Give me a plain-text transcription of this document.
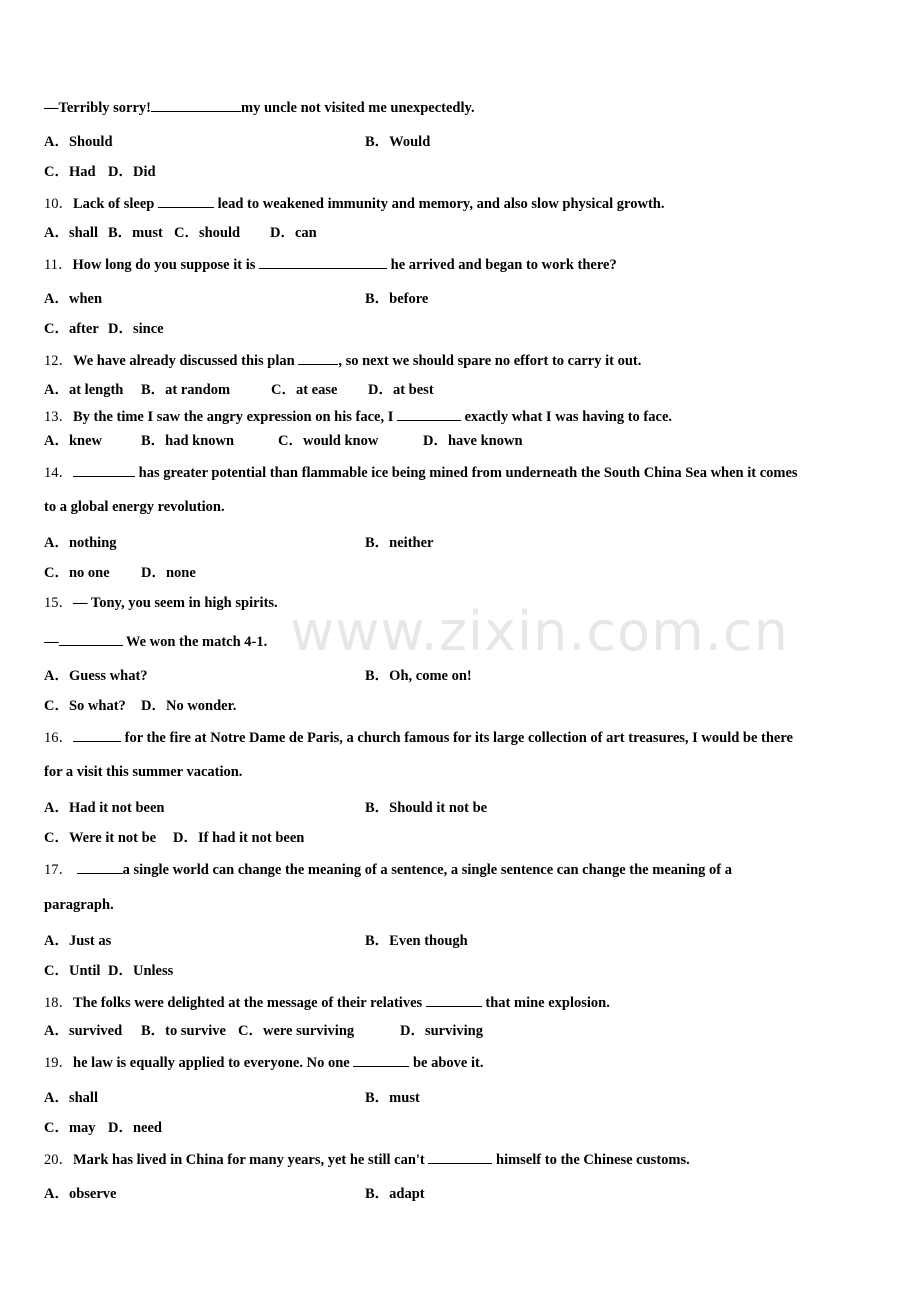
www.zixin.com.cn
—Terribly sorry!	my uncle not visited me unexpectedly.
A．Should	B．Would
C．Had D．Did
10．Lack of sleep	lead to weakened immunity and memory, and also slow physical growth.
A．shall B．must C．should D．can
11．How long do you suppose it is	he arrived and began to work there?
A．when	B．before
C．after D．since
12．We have already discussed this plan	, so next we should spare no effort to carry it out.
A．at length B．at random	C．at ease D．at best
13．By the time I saw the angry expression on his face, I	exactly what I was having to face.
A．knew	B．had known	C．would know	D．have known
14．	has greater potential than flammable ice being mined from underneath the South China Sea when it comes
to a global energy revolution.
A．nothing	B．neither
C．no one D．none
15．— Tony, you seem in high spirits.
—	We won the match 4-1.
A．Guess what?	B．Oh, come on!
C．So what? D．No wonder.
16．	for the fire at Notre Dame de Paris, a church famous for its large collection of art treasures, I would be there
for a visit this summer vacation.
A．Had it not been	B．Should it not be
C．Were it not be D．If had it not been
17．	a single world can change the meaning of a sentence, a single sentence can change the meaning of a
paragraph.
A．Just as	B．Even though
C．Until D．Unless
18．The folks were delighted at the message of their relatives	that mine explosion.
A．survived B．to survive C．were surviving	D．surviving
19．he law is equally applied to everyone. No one	be above it.
A．shall	B．must
C．may D．need
20．Mark has lived in China for many years, yet he still can't	himself to the Chinese customs.
A．observe	B．adapt
